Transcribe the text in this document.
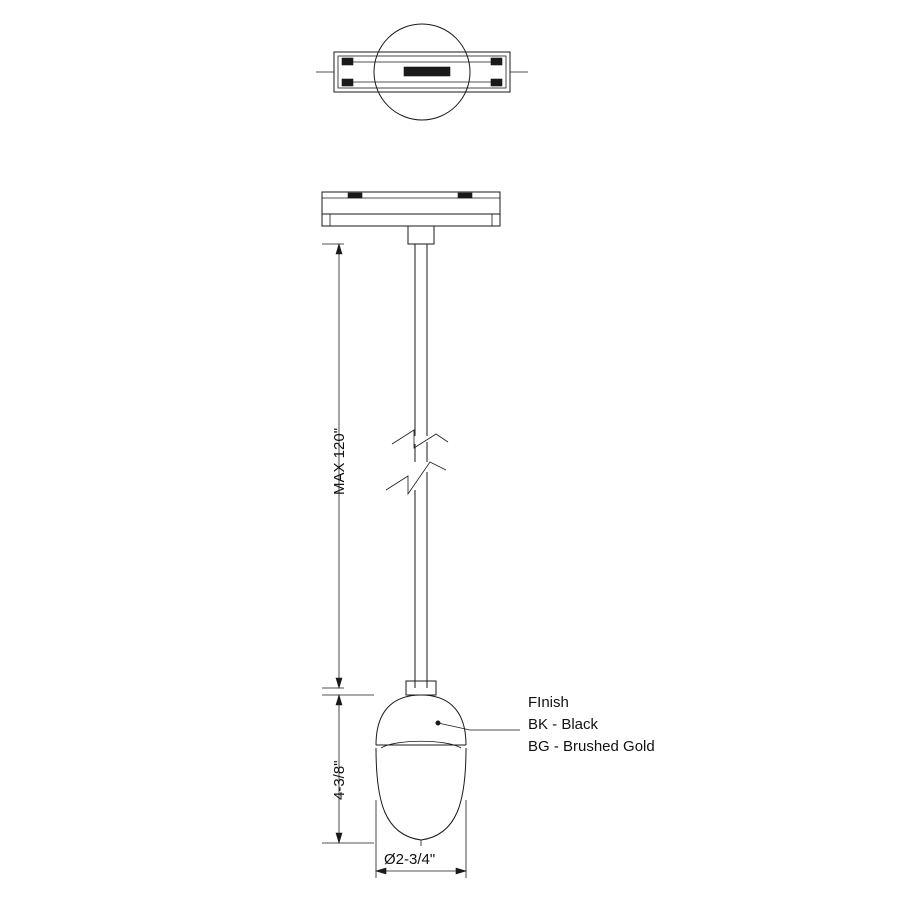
MAX 120"
4-3/8"
Ø2-3/4"
FInish
BK - Black
BG - Brushed Gold
